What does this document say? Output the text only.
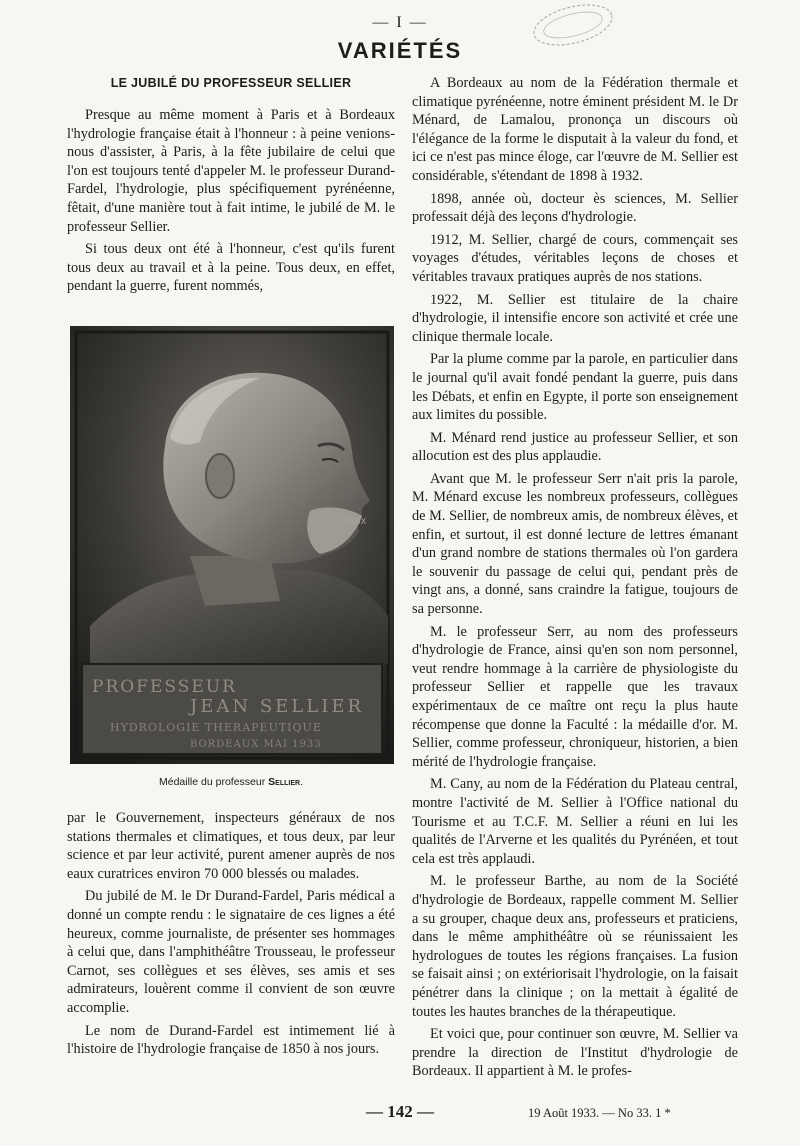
— I —
VARIÉTÉS
LE JUBILÉ DU PROFESSEUR SELLIER

Presque au même moment à Paris et à Bordeaux l'hydrologie française était à l'honneur : à peine venions-nous d'assister, à Paris, à la fête jubilaire de celui que l'on est toujours tenté d'appeler M. le professeur Durand-Fardel, l'hydrologie, plus spécifiquement pyrénéenne, fêtait, d'une manière tout à fait intime, le jubilé de M. le professeur Sellier.

Si tous deux ont été à l'honneur, c'est qu'ils furent tous deux au travail et à la peine. Tous deux, en effet, pendant la guerre, furent nommés,

PROFESSEUR
JEAN SELLIER
HYDROLOGIE THERAPEUTIQUE
BORDEAUX MAI 1933
CLEROUX
Médaille du professeur Sellier.

par le Gouvernement, inspecteurs généraux de nos stations thermales et climatiques, et tous deux, par leur science et par leur activité, purent amener auprès de nos eaux curatrices environ 70 000 blessés ou malades.

Du jubilé de M. le Dr Durand-Fardel, Paris médical a donné un compte rendu : le signataire de ces lignes a été heureux, comme journaliste, de présenter ses hommages à celui que, dans l'amphithéâtre Trousseau, le professeur Carnot, ses collègues et ses élèves, ses amis et ses admirateurs, louèrent comme il convient de son œuvre accomplie.

Le nom de Durand-Fardel est intimement lié à l'histoire de l'hydrologie française de 1850 à nos jours.

A Bordeaux au nom de la Fédération thermale et climatique pyrénéenne, notre éminent président M. le Dr Ménard, de Lamalou, prononça un discours où l'élégance de la forme le disputait à la valeur du fond, et ici ce n'est pas mince éloge, car l'œuvre de M. Sellier est considérable, s'étendant de 1898 à 1932.

1898, année où, docteur ès sciences, M. Sellier professait déjà des leçons d'hydrologie.

1912, M. Sellier, chargé de cours, commençait ses voyages d'études, véritables leçons de choses et véritables travaux pratiques auprès de nos stations.

1922, M. Sellier est titulaire de la chaire d'hydrologie, il intensifie encore son activité et crée une clinique thermale locale.

Par la plume comme par la parole, en particulier dans le journal qu'il avait fondé pendant la guerre, puis dans les Débats, et enfin en Egypte, il porte son enseignement aux limites du possible.

M. Ménard rend justice au professeur Sellier, et son allocution est des plus applaudie.

Avant que M. le professeur Serr n'ait pris la parole, M. Ménard excuse les nombreux professeurs, collègues de M. Sellier, de nombreux amis, de nombreux élèves, et enfin, et surtout, il est donné lecture de lettres émanant d'un grand nombre de stations thermales où l'on gardera le souvenir du passage de celui qui, pendant près de vingt ans, a donné, sans craindre la fatigue, toujours de sa personne.

M. le professeur Serr, au nom des professeurs d'hydrologie de France, ainsi qu'en son nom personnel, veut rendre hommage à la carrière de physiologiste du professeur Sellier et rappelle que les travaux expérimentaux de ce maître ont reçu la plus haute récompense que donne la Faculté : la médaille d'or. M. Sellier, comme professeur, chroniqueur, historien, a bien mérité de l'hydrologie française.

M. Cany, au nom de la Fédération du Plateau central, montre l'activité de M. Sellier à l'Office national du Tourisme et au T.C.F. M. Sellier a réuni en lui les qualités de l'Arverne et les qualités du Pyrénéen, et tout cela est très applaudi.

M. le professeur Barthe, au nom de la Société d'hydrologie de Bordeaux, rappelle comment M. Sellier a su grouper, chaque deux ans, professeurs et praticiens, dans le même amphithéâtre où se réunissaient les hydrologues de toutes les régions françaises. La fusion se faisait ainsi ; on extériorisait l'hydrologie, on la faisait pénétrer dans la clinique ; on la mettait à égalité de toutes les hautes branches de la thérapeutique.

Et voici que, pour continuer son œuvre, M. Sellier va prendre la direction de l'Institut d'hydrologie de Bordeaux. Il appartient à M. le profes-

— 142 —	19 Août 1933. — No 33. 1 *
